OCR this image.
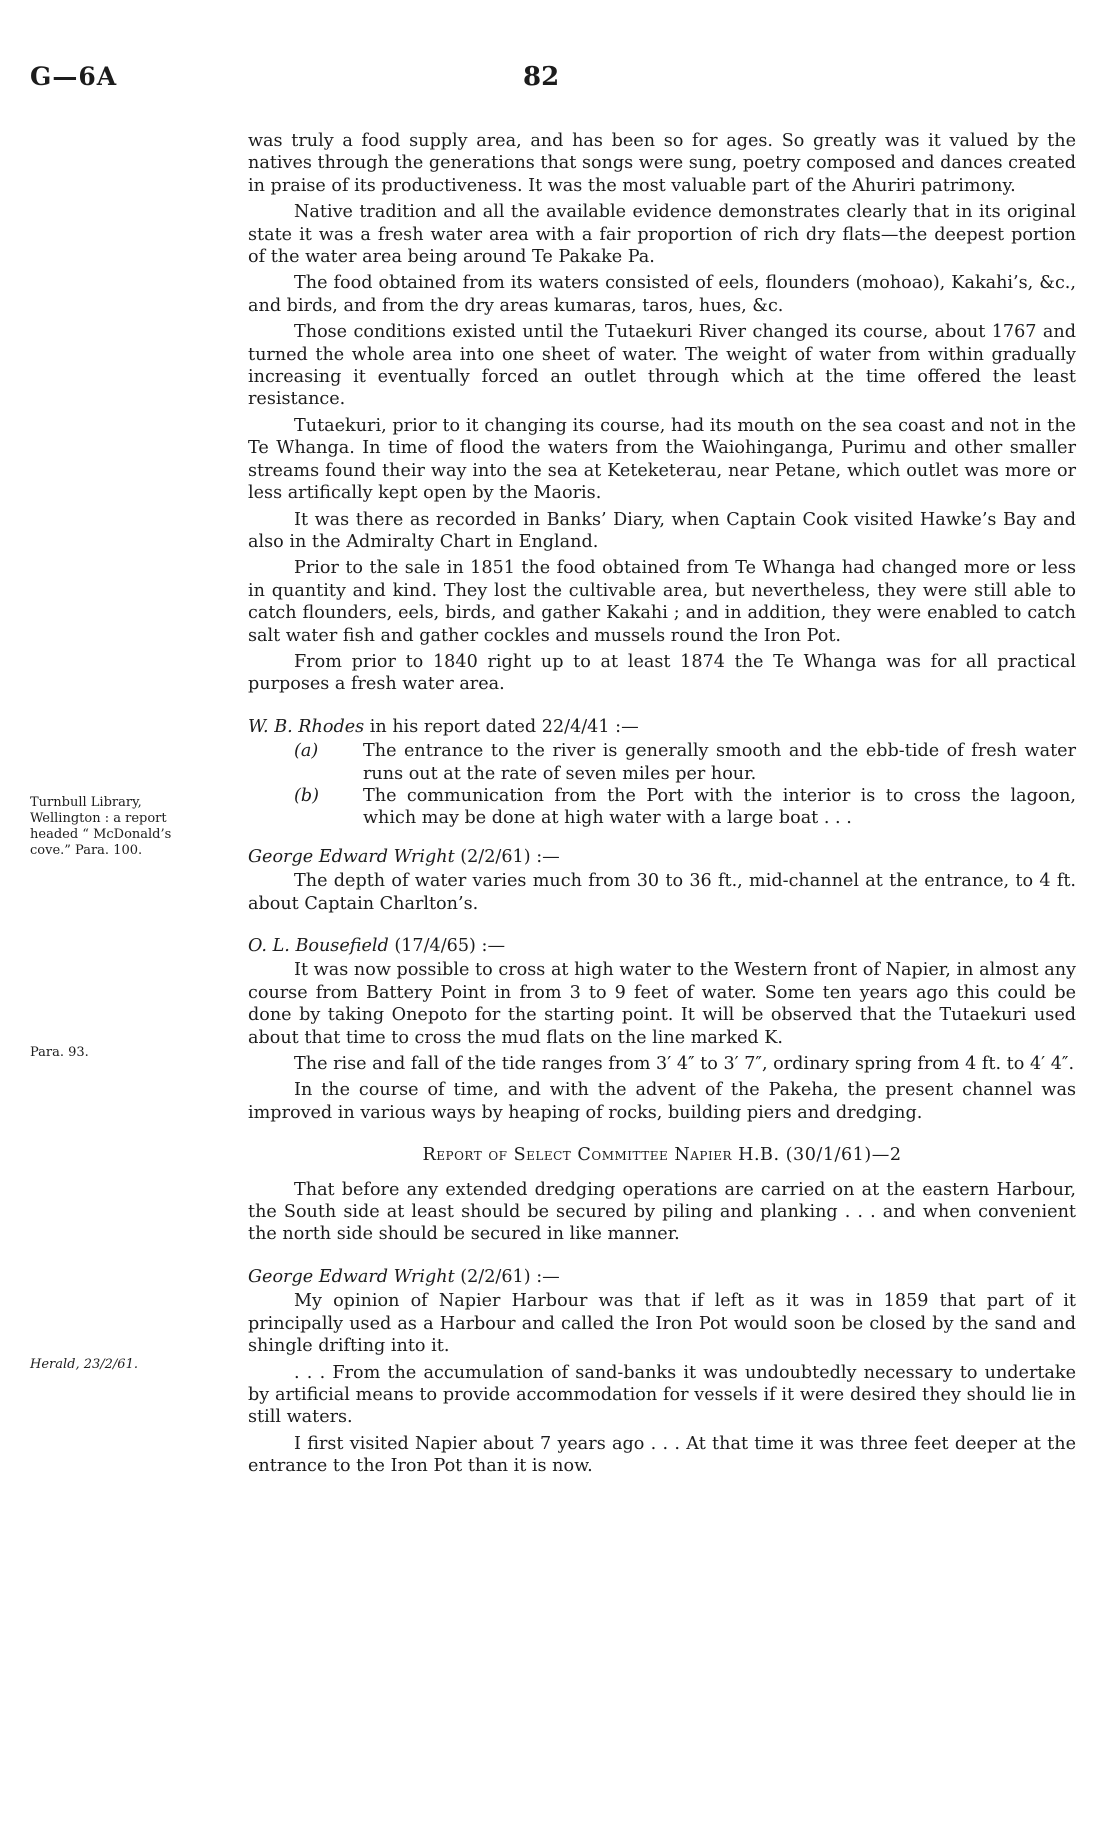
G—6A	82
Turnbull Library, Wellington : a report headed “ McDonald’s cove.” Para. 100.
Para. 93.
Herald, 23/2/61.

was truly a food supply area, and has been so for ages. So greatly was it valued by the natives through the generations that songs were sung, poetry composed and dances created in praise of its productiveness. It was the most valuable part of the Ahuriri patrimony.

Native tradition and all the available evidence demonstrates clearly that in its original state it was a fresh water area with a fair proportion of rich dry flats—the deepest portion of the water area being around Te Pakake Pa.

The food obtained from its waters consisted of eels, flounders (mohoao), Kakahi’s, &c., and birds, and from the dry areas kumaras, taros, hues, &c.

Those conditions existed until the Tutaekuri River changed its course, about 1767 and turned the whole area into one sheet of water. The weight of water from within gradually increasing it eventually forced an outlet through which at the time offered the least resistance.

Tutaekuri, prior to it changing its course, had its mouth on the sea coast and not in the Te Whanga. In time of flood the waters from the Waiohinganga, Purimu and other smaller streams found their way into the sea at Keteketerau, near Petane, which outlet was more or less artifically kept open by the Maoris.

It was there as recorded in Banks’ Diary, when Captain Cook visited Hawke’s Bay and also in the Admiralty Chart in England.

Prior to the sale in 1851 the food obtained from Te Whanga had changed more or less in quantity and kind. They lost the cultivable area, but nevertheless, they were still able to catch flounders, eels, birds, and gather Kakahi ; and in addition, they were enabled to catch salt water fish and gather cockles and mussels round the Iron Pot.

From prior to 1840 right up to at least 1874 the Te Whanga was for all practical purposes a fresh water area.

W. B. Rhodes in his report dated 22/4/41 :—

(a)	The entrance to the river is generally smooth and the ebb-tide of fresh water runs out at the rate of seven miles per hour.

(b)	The communication from the Port with the interior is to cross the lagoon, which may be done at high water with a large boat . . .

George Edward Wright (2/2/61) :—

The depth of water varies much from 30 to 36 ft., mid-channel at the entrance, to 4 ft. about Captain Charlton’s.

O. L. Bousefield (17/4/65) :—

It was now possible to cross at high water to the Western front of Napier, in almost any course from Battery Point in from 3 to 9 feet of water. Some ten years ago this could be done by taking Onepoto for the starting point. It will be observed that the Tutaekuri used about that time to cross the mud flats on the line marked K.

The rise and fall of the tide ranges from 3′ 4″ to 3′ 7″, ordinary spring from 4 ft. to 4′ 4″.

In the course of time, and with the advent of the Pakeha, the present channel was improved in various ways by heaping of rocks, building piers and dredging.

Report of Select Committee Napier H.B. (30/1/61)—2

That before any extended dredging operations are carried on at the eastern Harbour, the South side at least should be secured by piling and planking . . . and when convenient the north side should be secured in like manner.

George Edward Wright (2/2/61) :—

My opinion of Napier Harbour was that if left as it was in 1859 that part of it principally used as a Harbour and called the Iron Pot would soon be closed by the sand and shingle drifting into it.

. . . From the accumulation of sand-banks it was undoubtedly necessary to undertake by artificial means to provide accommodation for vessels if it were desired they should lie in still waters.

I first visited Napier about 7 years ago . . . At that time it was three feet deeper at the entrance to the Iron Pot than it is now.
